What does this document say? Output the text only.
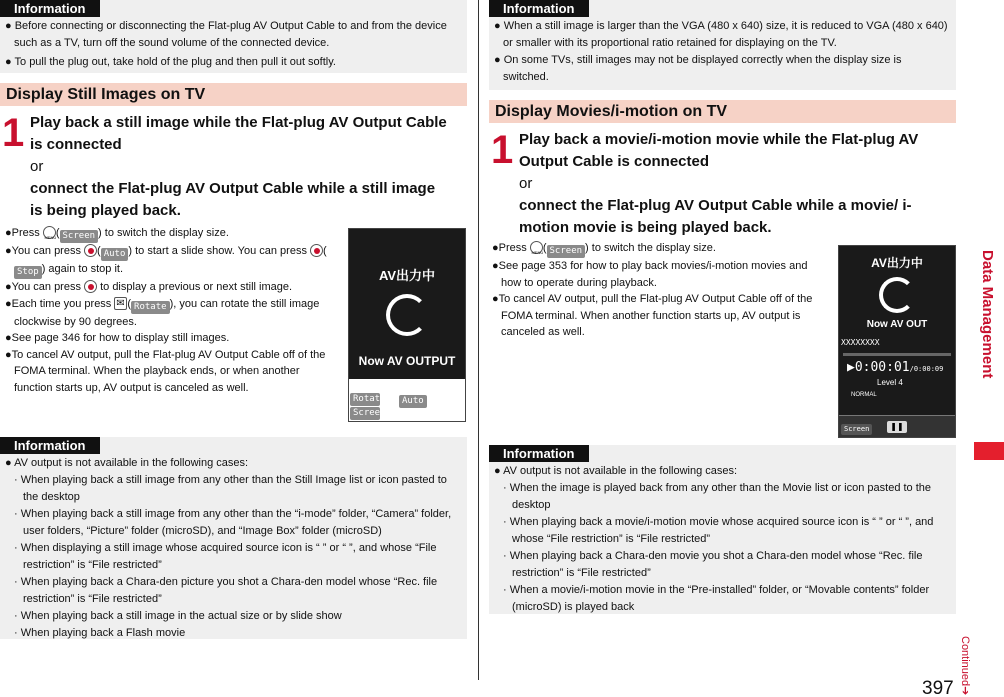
Information
● Before connecting or disconnecting the Flat-plug AV Output Cable to and from the device such as a TV, turn off the sound volume of the connected device.
● To pull the plug out, take hold of the plug and then pull it out softly.
Display Still Images on TV
1 Play back a still image while the Flat-plug AV Output Cable is connected
or
connect the Flat-plug AV Output Cable while a still image is being played back.
●Press MENU( Screen ) to switch the display size.
●You can press ( Auto ) to start a slide show. You can press (Stop ) again to stop it.
●You can press  to display a previous or next still image.
●Each time you press ✉( Rotate ), you can rotate the still image clockwise by 90 degrees.
●See page 346 for how to display still images.
●To cancel AV output, pull the Flat-plug AV Output Cable off of the FOMA terminal. When the playback ends, or when another function starts up, AV output is canceled as well.
AV出力中
Now AV OUTPUT
Rotate
Screen
Auto
Information
● AV output is not available in the following cases:
· When playing back a still image from any other than the Still Image list or icon pasted to the desktop
· When playing back a still image from any other than the “i-mode” folder, “Camera” folder, user folders, “Picture” folder (microSD), and “Image Box” folder (microSD)
· When displaying a still image whose acquired source icon is “ ” or “ ”, and whose “File restriction” is “File restricted”
· When playing back a Chara-den picture you shot a Chara-den model whose “Rec. file restriction” is “File restricted”
· When playing back a still image in the actual size or by slide show
· When playing back a Flash movie
Information
● When a still image is larger than the VGA (480 x 640) size, it is reduced to VGA (480 x 640) or smaller with its proportional ratio retained for displaying on the TV.
● On some TVs, still images may not be displayed correctly when the display size is switched.
Display Movies/i-motion on TV
1 Play back a movie/i-motion movie while the Flat-plug AV Output Cable is connected
or
connect the Flat-plug AV Output Cable while a movie/ i-motion movie is being played back.
●Press MENU( Screen ) to switch the display size.
●See page 353 for how to play back movies/i-motion movies and how to operate during playback.
●To cancel AV output, pull the Flat-plug AV Output Cable off of the FOMA terminal. When another function starts up, AV output is canceled as well.
AV出力中
Now AV OUT
XXXXXXXX
▶0:00:01/0:00:09
Level 4
NORMAL
Screen	❚❚
Information
● AV output is not available in the following cases:
· When the image is played back from any other than the Movie list or icon pasted to the desktop
· When playing back a movie/i-motion movie whose acquired source icon is “ ” or “ ”, and whose “File restriction” is “File restricted”
· When playing back a Chara-den movie you shot a Chara-den model whose “Rec. file restriction” is “File restricted”
· When a movie/i-motion movie in the “Pre-installed” folder, or “Movable contents” folder (microSD) is played back
Data Management
Continued➔
397
